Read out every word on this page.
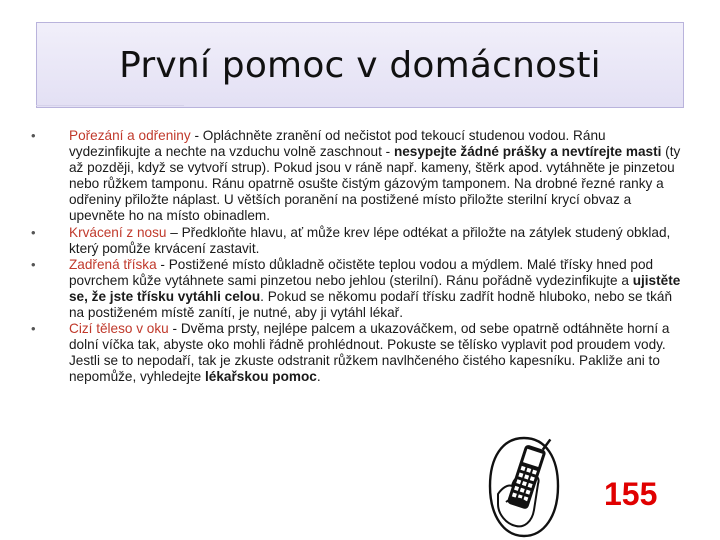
První pomoc v domácnosti
• Pořezání a odřeniny - Opláchněte zranění od nečistot pod tekoucí studenou vodou. Ránu vydezinfikujte a nechte na vzduchu volně zaschnout - nesypejte žádné prášky a nevtírejte masti (ty až později, když se vytvoří strup). Pokud jsou v ráně např. kameny, štěrk apod. vytáhněte je pinzetou nebo růžkem tamponu. Ránu opatrně osušte čistým gázovým tamponem. Na drobné řezné ranky a odřeniny přiložte náplast. U větších poranění na postižené místo přiložte sterilní krycí obvaz a upevněte ho na místo obinadlem.
• Krvácení z nosu – Předkloňte hlavu, ať může krev lépe odtékat a přiložte na zátylek studený obklad, který pomůže krvácení zastavit.
• Zadřená tříska - Postižené místo důkladně očistěte teplou vodou a mýdlem. Malé třísky hned pod povrchem kůže vytáhnete sami pinzetou nebo jehlou (sterilní). Ránu pořádně vydezinfikujte a ujistěte se, že jste třísku vytáhli celou. Pokud se někomu podaří třísku zadřít hodně hluboko, nebo se tkáň na postiženém místě zanítí, je nutné, aby ji vytáhl lékař.
• Cizí těleso v oku - Dvěma prsty, nejlépe palcem a ukazováčkem, od sebe opatrně odtáhněte horní a dolní víčka tak, abyste oko mohli řádně prohlédnout. Pokuste se tělísko vyplavit pod proudem vody. Jestli se to nepodaří, tak je zkuste odstranit růžkem navlhčeného čistého kapesníku. Pakliže ani to nepomůže, vyhledejte lékařskou pomoc.
155
